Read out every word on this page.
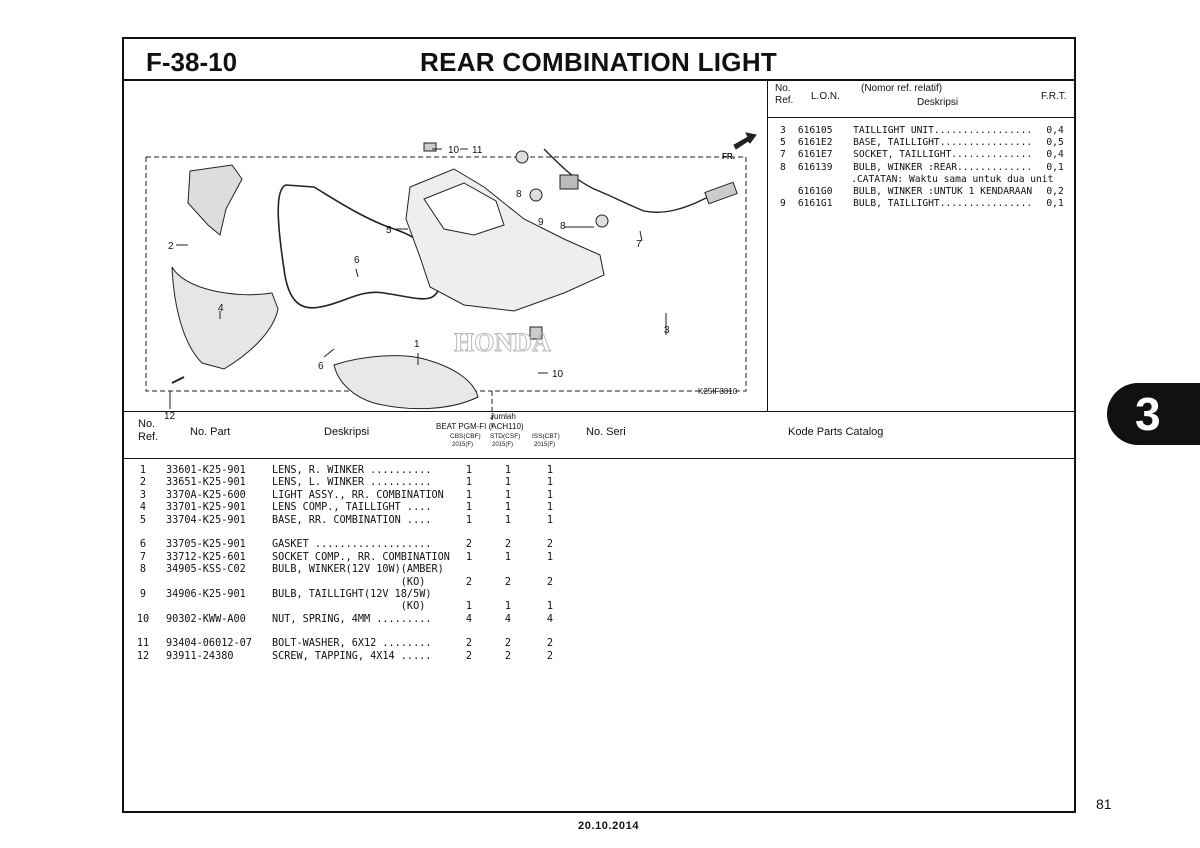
F-38-10	REAR COMBINATION LIGHT
HONDA
FR.
10 11
8
9 8
5
2
6
4
7
3
1
6
10
12
K25IF3810
No.
Ref. L.O.N.
(Nomor ref. relatif)
Deskripsi
F.R.T.
3	616105	TAILLIGHT UNIT.................	0,4
5	6161E2	BASE, TAILLIGHT................	0,5
7	6161E7	SOCKET, TAILLIGHT..............	0,4
8	616139	BULB, WINKER :REAR.............	0,1
.CATATAN: Waktu sama untuk dua unit
6161G0	BULB, WINKER :UNTUK 1 KENDARAAN	0,2
9	6161G1	BULB, TAILLIGHT................	0,1
No.
Ref.	No. Part	Deskripsi
Jumlah
BEAT PGM-FI (ACH110)
CBS(CBF) STD(CSF) ISS(CBT)
2015(F)	2015(F)	2015(F)
No. Seri	Kode Parts Catalog
1	33601-K25-901	LENS, R. WINKER ..........	1	1	1
2	33651-K25-901	LENS, L. WINKER ..........	1	1	1
3	3370A-K25-600	LIGHT ASSY., RR. COMBINATION	1	1	1
4	33701-K25-901	LENS COMP., TAILLIGHT ....	1	1	1
5	33704-K25-901	BASE, RR. COMBINATION ....	1	1	1
6	33705-K25-901	GASKET ...................	2	2	2
7	33712-K25-601	SOCKET COMP., RR. COMBINATION	1	1	1
8	34905-KSS-C02	BULB, WINKER(12V 10W)(AMBER)
(KO)	2	2	2
9	34906-K25-901	BULB, TAILLIGHT(12V 18/5W)
(KO)	1	1	1
10	90302-KWW-A00	NUT, SPRING, 4MM .........	4	4	4
11	93404-06012-07	BOLT-WASHER, 6X12 ........	2	2	2
12	93911-24380	SCREW, TAPPING, 4X14 .....	2	2	2
3
81
20.10.2014
